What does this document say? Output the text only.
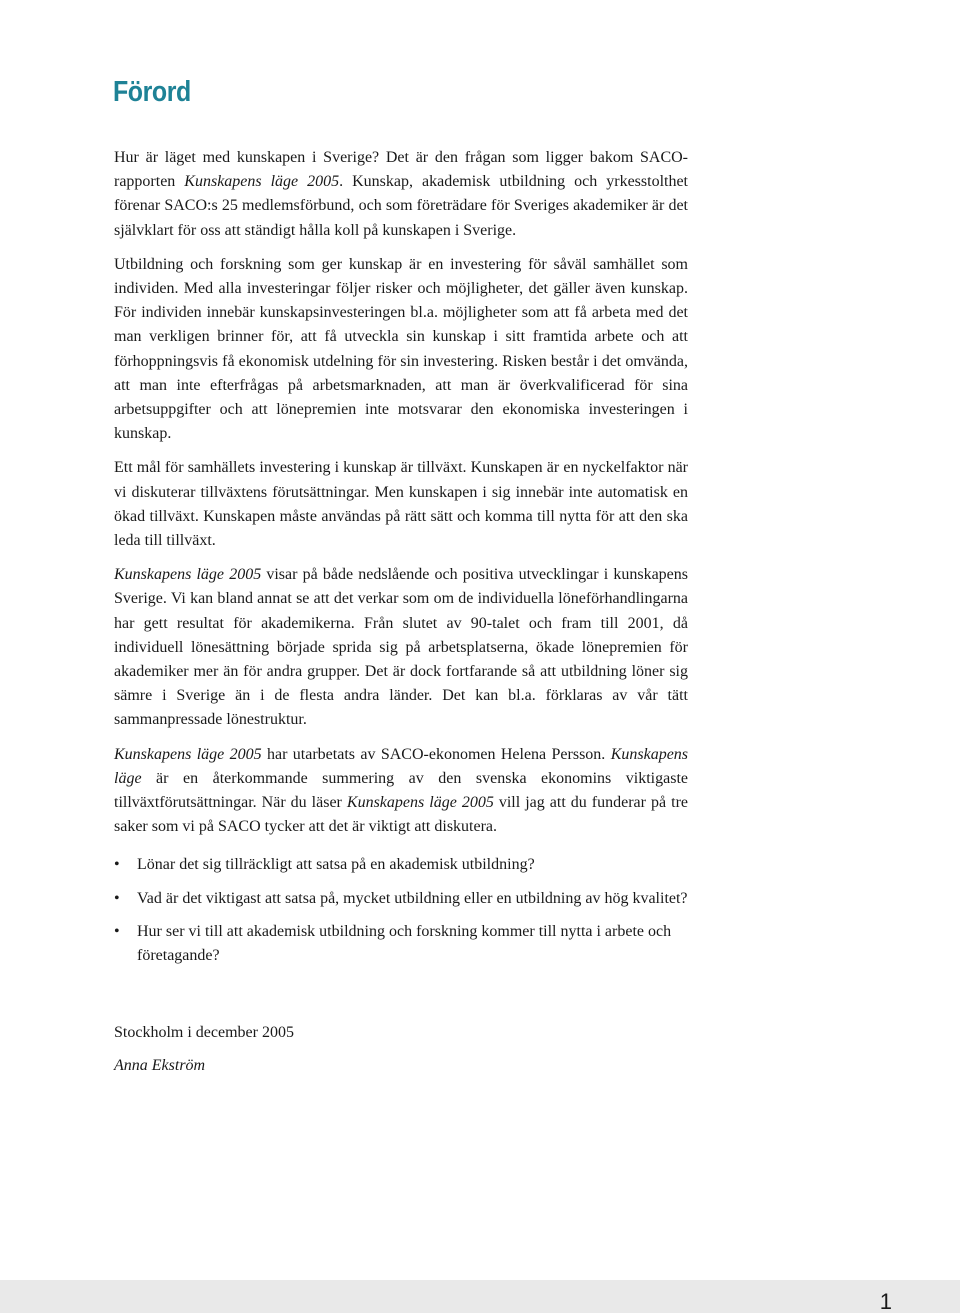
Förord

Hur är läget med kunskapen i Sverige? Det är den frågan som ligger bakom SACO-rapporten Kunskapens läge 2005. Kunskap, akademisk utbildning och yrkesstolthet förenar SACO:s 25 medlemsförbund, och som företrädare för Sveriges akademiker är det självklart för oss att ständigt hålla koll på kunskapen i Sverige.

Utbildning och forskning som ger kunskap är en investering för såväl samhället som individen. Med alla investeringar följer risker och möjligheter, det gäller även kunskap. För individen innebär kunskapsinvesteringen bl.a. möjligheter som att få arbeta med det man verkligen brinner för, att få utveckla sin kunskap i sitt framtida arbete och att förhoppningsvis få ekonomisk utdelning för sin investering. Risken består i det omvända, att man inte efterfrågas på arbetsmarknaden, att man är överkvalificerad för sina arbetsuppgifter och att lönepremien inte motsvarar den ekonomiska investeringen i kunskap.

Ett mål för samhällets investering i kunskap är tillväxt. Kunskapen är en nyckelfaktor när vi diskuterar tillväxtens förutsättningar. Men kunskapen i sig innebär inte automatisk en ökad tillväxt. Kunskapen måste användas på rätt sätt och komma till nytta för att den ska leda till tillväxt.

Kunskapens läge 2005 visar på både nedslående och positiva utvecklingar i kunskapens Sverige. Vi kan bland annat se att det verkar som om de individuella löneförhandlingarna har gett resultat för akademikerna. Från slutet av 90-talet och fram till 2001, då individuell lönesättning började sprida sig på arbetsplatserna, ökade lönepremien för akademiker mer än för andra grupper. Det är dock fortfarande så att utbildning löner sig sämre i Sverige än i de flesta andra länder. Det kan bl.a. förklaras av vår tätt sammanpressade lönestruktur.

Kunskapens läge 2005 har utarbetats av SACO-ekonomen Helena Persson. Kunskapens läge är en återkommande summering av den svenska ekonomins viktigaste tillväxtförutsättningar. När du läser Kunskapens läge 2005 vill jag att du funderar på tre saker som vi på SACO tycker att det är viktigt att diskutera.

• Lönar det sig tillräckligt att satsa på en akademisk utbildning?
• Vad är det viktigast att satsa på, mycket utbildning eller en utbildning av hög kvalitet?
• Hur ser vi till att akademisk utbildning och forskning kommer till nytta i arbete och företagande?
Stockholm i december 2005
Anna Ekström
1
